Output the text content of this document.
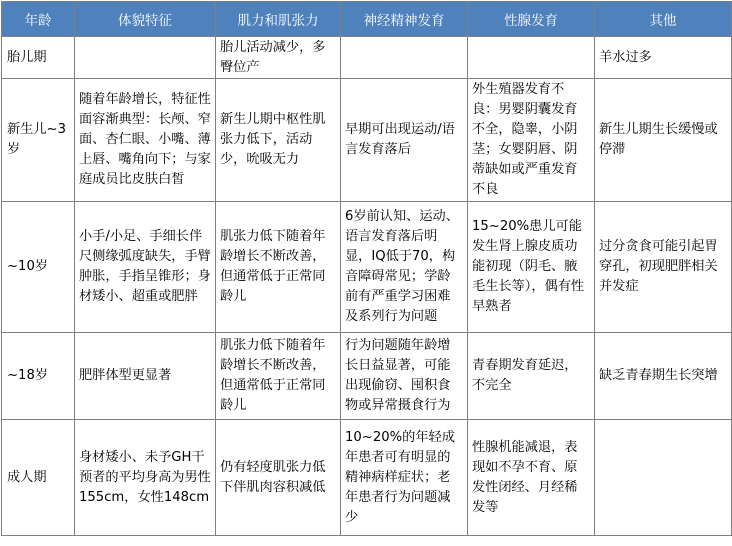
年龄	体貌特征	肌力和肌张力	神经精神发育	性腺发育	其他
胎儿期		胎儿活动减少，多臀位产			羊水过多
新生儿~3岁	随着年龄增长，特征性面容渐典型：长颅、窄面、杏仁眼、小嘴、薄上唇、嘴角向下；与家庭成员比皮肤白皙	新生儿期中枢性肌张力低下，活动少，吮吸无力	早期可出现运动/语言发育落后	外生殖器发育不良：男婴阴囊发育不全，隐睾，小阴茎；女婴阴唇、阴蒂缺如或严重发育不良	新生儿期生长缓慢或停滞
~10岁	小手/小足、手细长伴尺侧缘弧度缺失，手臂肿胀，手指呈锥形；身材矮小、超重或肥胖	肌张力低下随着年龄增长不断改善，但通常低于正常同龄儿	6岁前认知、运动、语言发育落后明显，IQ低于70，构音障碍常见；学龄前有严重学习困难及系列行为问题	15~20%患儿可能发生肾上腺皮质功能初现（阴毛、腋毛生长等），偶有性早熟者	过分贪食可能引起胃穿孔，初现肥胖相关并发症
~18岁	肥胖体型更显著	肌张力低下随着年龄增长不断改善，但通常低于正常同龄儿	行为问题随年龄增长日益显著，可能出现偷窃、囤积食物或异常摄食行为	青春期发育延迟，不完全	缺乏青春期生长突增
成人期	身材矮小、未予GH干预者的平均身高为男性155cm，女性148cm	仍有轻度肌张力低下伴肌肉容积减低	10~20%的年轻成年患者可有明显的精神病样症状；老年患者行为问题减少	性腺机能减退，表现如不孕不育、原发性闭经、月经稀发等	
